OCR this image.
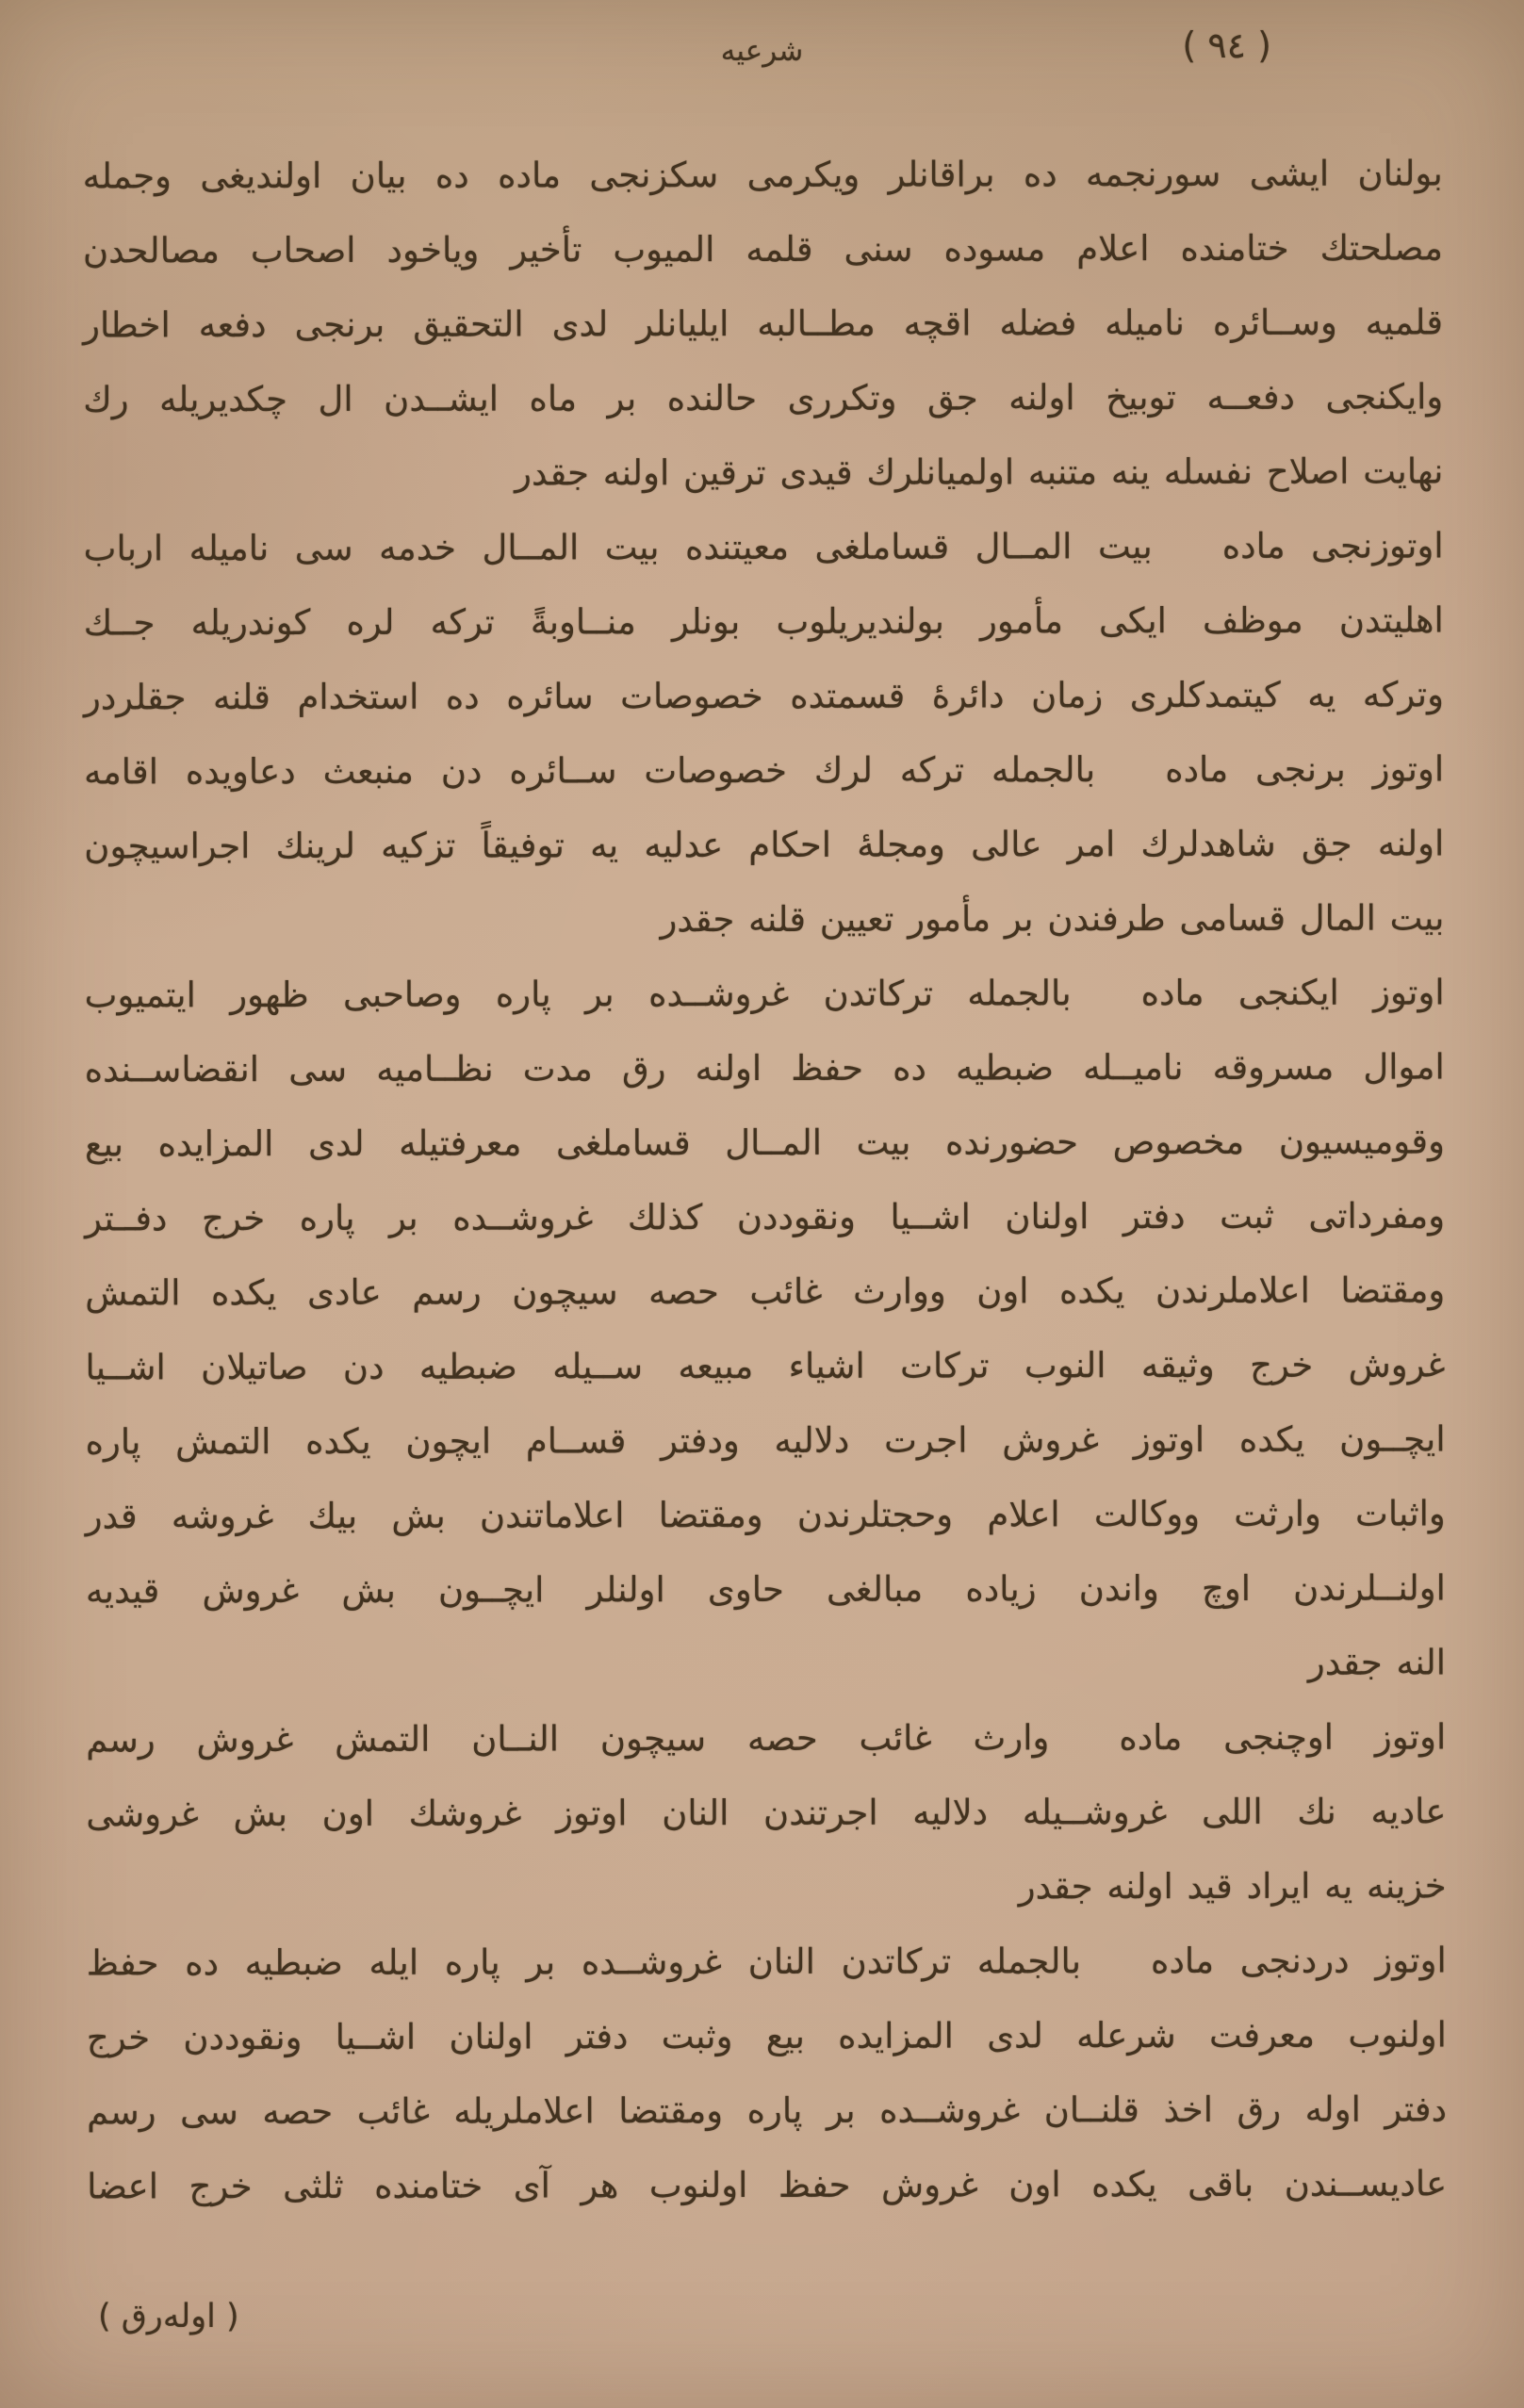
شرعيه	( ٩٤ )
بولنان ايشى سورنجمه ده براقانلر ويكرمى سكزنجى ماده ده بيان اولنديغى وجمله
مصلحتك ختامنده اعلام مسوده سنى قلمه الميوب تأخير وياخود اصحاب مصالحدن
قلميه وســائره ناميله فضله اقچه مطــالبه ايليانلر لدى التحقيق برنجى دفعه اخطار
وايكنجى دفعــه توبيخ اولنه جق وتكررى حالنده بر ماه ايشــدن ال چكديريله رك
نهايت اصلاح نفسله ينه متنبه اولميانلرك قيدى ترقين اولنه جقدر
اوتوزنجى ماده  بيت المــال قساملغى معيتنده بيت المــال خدمه سى ناميله ارباب
اهليتدن موظف ايكى مأمور بولنديريلوب بونلر منــاوبةً تركه لره كوندريله جــك
وتركه يه كيتمدكلرى زمان دائرهٔ قسمتده خصوصات سائره ده استخدام قلنه جقلردر
اوتوز برنجى ماده  بالجمله تركه لرك خصوصات ســائره دن منبعث دعاويده اقامه
اولنه جق شاهدلرك امر عالى ومجلهٔ احكام عدليه يه توفيقاً تزكيه لرينك اجراسيچون
بيت المال قسامى طرفندن بر مأمور تعيين قلنه جقدر
اوتوز ايكنجى ماده  بالجمله تركاتدن غروشــده بر پاره وصاحبى ظهور ايتميوب
اموال مسروقه ناميــله ضبطيه ده حفظ اولنه رق مدت نظــاميه سى انقضاســنده
وقوميسيون مخصوص حضورنده بيت المــال قساملغى معرفتيله لدى المزايده بيع
ومفرداتى ثبت دفتر اولنان اشــيا ونقوددن كذلك غروشــده بر پاره خرج دفــتر
ومقتضا اعلاملرندن يكده اون ووارث غائب حصه سيچون رسم عادى يكده التمش
غروش خرج وثيقه النوب تركات اشياء مبيعه ســيله ضبطيه دن صاتيلان اشــيا
ايچــون يكده اوتوز غروش اجرت دلاليه ودفتر قســام ايچون يكده التمش پاره
واثبات وارثت ووكالت اعلام وحجتلرندن ومقتضا اعلاماتندن بش بيك غروشه قدر
اولنــلرندن اوچ واندن زياده مبالغى حاوى اولنلر ايچــون بش غروش قيديه
النه جقدر
اوتوز اوچنجى ماده  وارث غائب حصه سيچون النــان التمش غروش رسم
عاديه نك اللى غروشــيله دلاليه اجرتندن النان اوتوز غروشك اون بش غروشى
خزينه يه ايراد قيد اولنه جقدر
اوتوز دردنجى ماده  بالجمله تركاتدن النان غروشــده بر پاره ايله ضبطيه ده حفظ
اولنوب معرفت شرعله لدى المزايده بيع وثبت دفتر اولنان اشــيا ونقوددن خرج
دفتر اوله رق اخذ قلنــان غروشــده بر پاره ومقتضا اعلاملريله غائب حصه سى رسم
عاديســندن باقى يكده اون غروش حفظ اولنوب هر آى ختامنده ثلثى خرج اعضا
( اوله‌رق )
